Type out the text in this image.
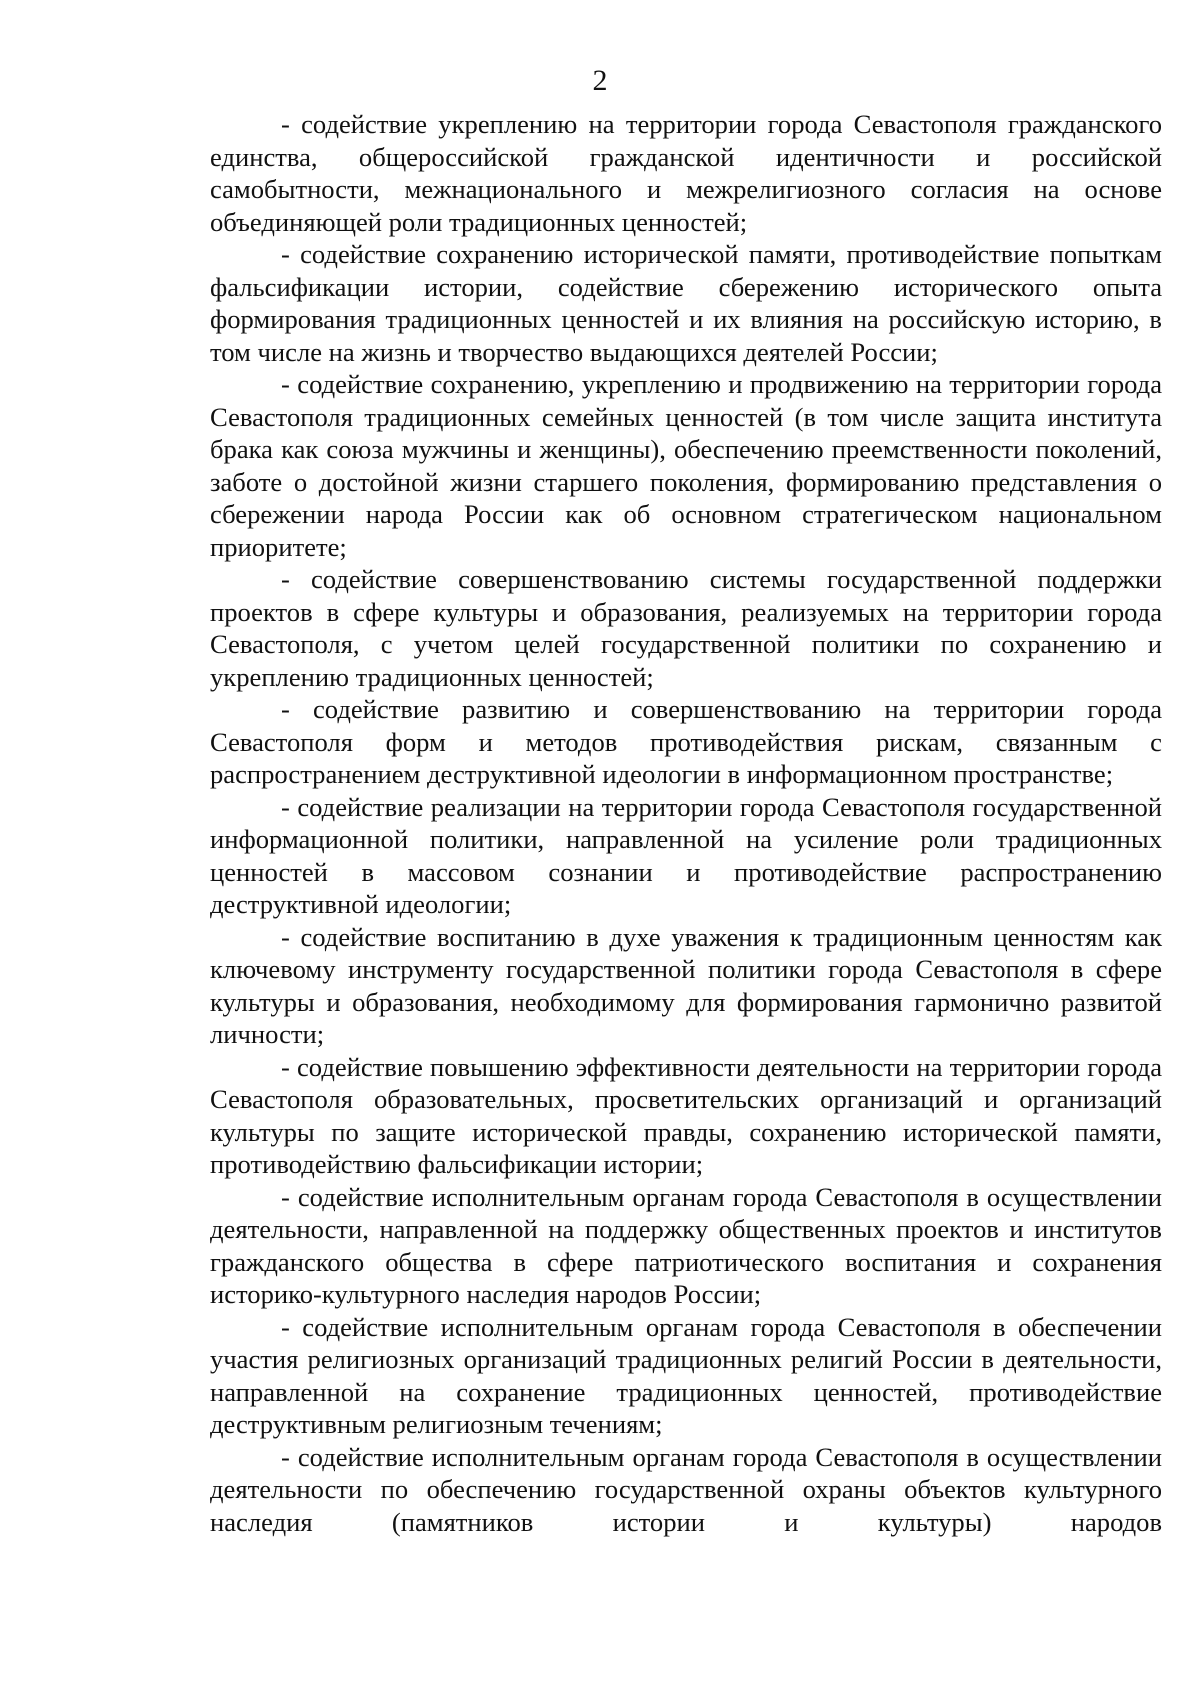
2

- содействие укреплению на территории города Севастополя гражданского единства, общероссийской гражданской идентичности и российской самобытности, межнационального и межрелигиозного согласия на основе объединяющей роли традиционных ценностей;

- содействие сохранению исторической памяти, противодействие попыткам фальсификации истории, содействие сбережению исторического опыта формирования традиционных ценностей и их влияния на российскую историю, в том числе на жизнь и творчество выдающихся деятелей России;

- содействие сохранению, укреплению и продвижению на территории города Севастополя традиционных семейных ценностей (в том числе защита института брака как союза мужчины и женщины), обеспечению преемственности поколений, заботе о достойной жизни старшего поколения, формированию представления о сбережении народа России как об основном стратегическом национальном приоритете;

- содействие совершенствованию системы государственной поддержки проектов в сфере культуры и образования, реализуемых на территории города Севастополя, с учетом целей государственной политики по сохранению и укреплению традиционных ценностей;

- содействие развитию и совершенствованию на территории города Севастополя форм и методов противодействия рискам, связанным с распространением деструктивной идеологии в информационном пространстве;

- содействие реализации на территории города Севастополя государственной информационной политики, направленной на усиление роли традиционных ценностей в массовом сознании и противодействие распространению деструктивной идеологии;

- содействие воспитанию в духе уважения к традиционным ценностям как ключевому инструменту государственной политики города Севастополя в сфере культуры и образования, необходимому для формирования гармонично развитой личности;

- содействие повышению эффективности деятельности на территории города Севастополя образовательных, просветительских организаций и организаций культуры по защите исторической правды, сохранению исторической памяти, противодействию фальсификации истории;

- содействие исполнительным органам города Севастополя в осуществлении деятельности, направленной на поддержку общественных проектов и институтов гражданского общества в сфере патриотического воспитания и сохранения историко-культурного наследия народов России;

- содействие исполнительным органам города Севастополя в обеспечении участия религиозных организаций традиционных религий России в деятельности, направленной на сохранение традиционных ценностей, противодействие деструктивным религиозным течениям;

- содействие исполнительным органам города Севастополя в осуществлении деятельности по обеспечению государственной охраны объектов культурного наследия (памятников истории и культуры) народов
